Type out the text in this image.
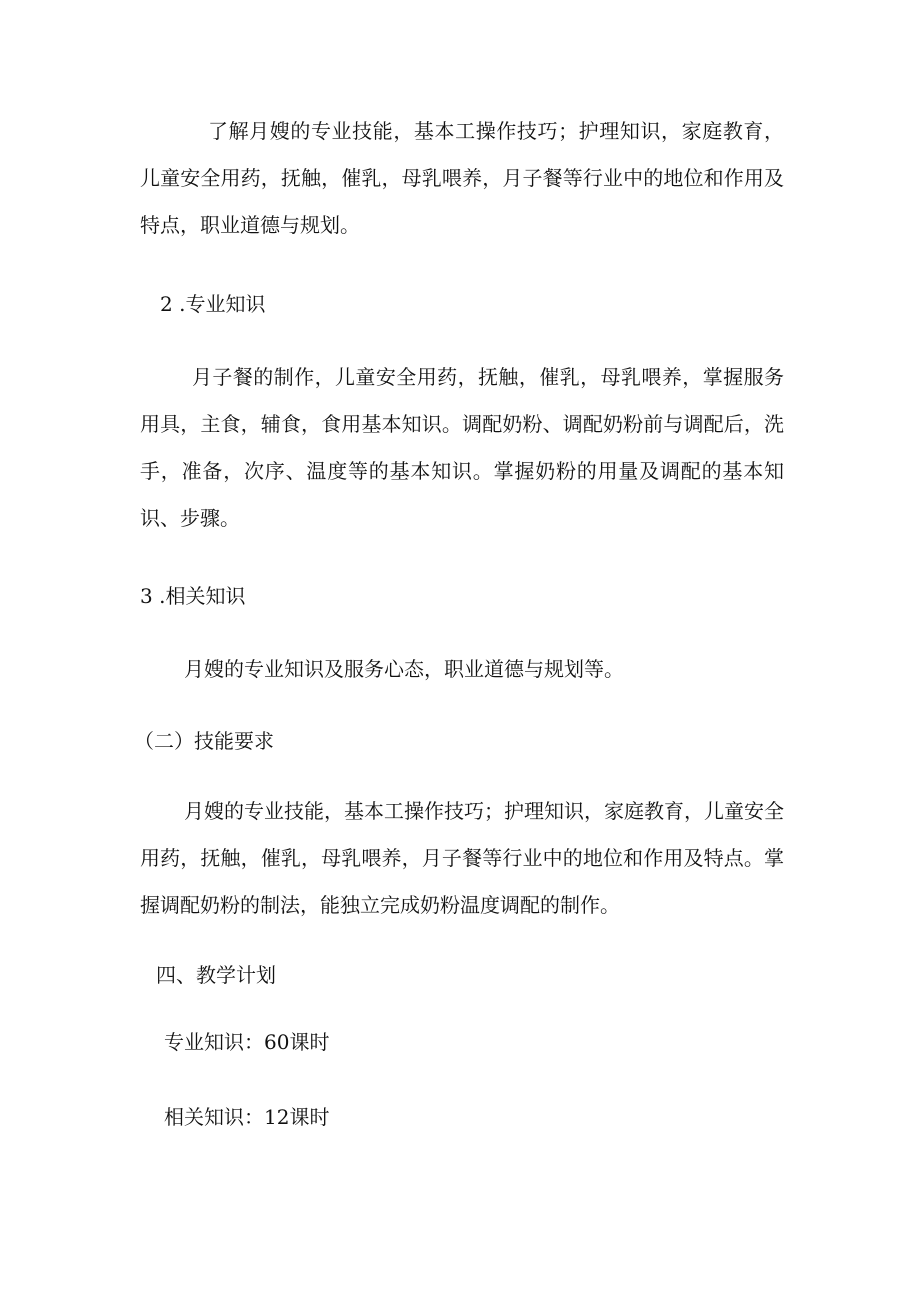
了解月嫂的专业技能，基本工操作技巧；护理知识，家庭教育，儿童安全用药，抚触，催乳，母乳喂养，月子餐等行业中的地位和作用及特点，职业道德与规划。

2 .专业知识

月子餐的制作，儿童安全用药，抚触，催乳，母乳喂养，掌握服务用具，主食，辅食，食用基本知识。调配奶粉、调配奶粉前与调配后，洗手，准备，次序、温度等的基本知识。掌握奶粉的用量及调配的基本知识、步骤。

3 .相关知识

月嫂的专业知识及服务心态，职业道德与规划等。

（二）技能要求

月嫂的专业技能，基本工操作技巧；护理知识，家庭教育，儿童安全用药，抚触，催乳，母乳喂养，月子餐等行业中的地位和作用及特点。掌握调配奶粉的制法，能独立完成奶粉温度调配的制作。

四、教学计划

专业知识：60课时

相关知识：12课时
